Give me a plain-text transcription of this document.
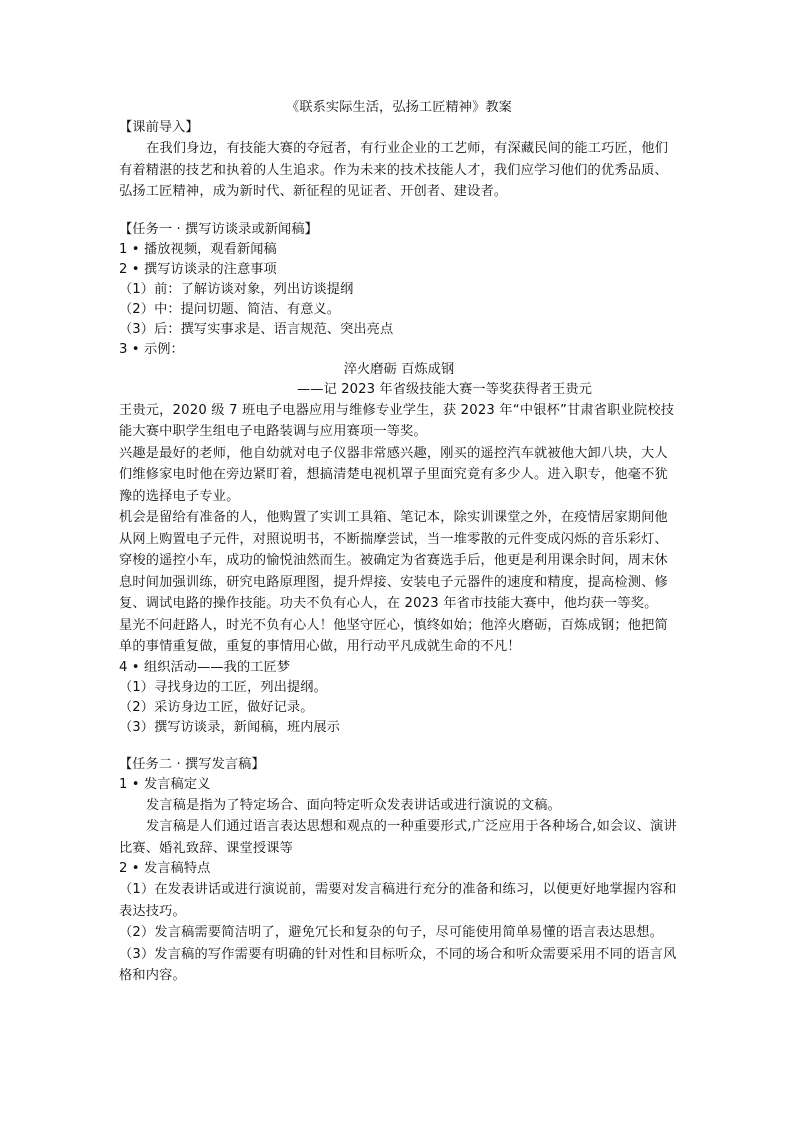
《联系实际生活，弘扬工匠精神》教案
【课前导入】
在我们身边，有技能大赛的夺冠者，有行业企业的工艺师，有深藏民间的能工巧匠，他们有着精湛的技艺和执着的人生追求。作为未来的技术技能人才，我们应学习他们的优秀品质、弘扬工匠精神，成为新时代、新征程的见证者、开创者、建设者。
【任务一 · 撰写访谈录或新闻稿】
1 • 播放视频，观看新闻稿
2 • 撰写访谈录的注意事项
（1）前：了解访谈对象，列出访谈提纲
（2）中：提问切题、简洁、有意义。
（3）后：撰写实事求是、语言规范、突出亮点
3 • 示例：
淬火磨砺 百炼成钢
——记 2023 年省级技能大赛一等奖获得者王贵元
王贵元，2020 级 7 班电子电器应用与维修专业学生，获 2023 年“中银杯”甘肃省职业院校技能大赛中职学生组电子电路装调与应用赛项一等奖。
兴趣是最好的老师，他自幼就对电子仪器非常感兴趣，刚买的遥控汽车就被他大卸八块，大人们维修家电时他在旁边紧盯着，想搞清楚电视机罩子里面究竟有多少人。进入职专，他毫不犹豫的选择电子专业。
机会是留给有准备的人，他购置了实训工具箱、笔记本，除实训课堂之外，在疫情居家期间他从网上购置电子元件，对照说明书，不断揣摩尝试，当一堆零散的元件变成闪烁的音乐彩灯、穿梭的遥控小车，成功的愉悦油然而生。被确定为省赛选手后，他更是利用课余时间，周末休息时间加强训练，研究电路原理图，提升焊接、安装电子元器件的速度和精度，提高检测、修复、调试电路的操作技能。功夫不负有心人，在 2023 年省市技能大赛中，他均获一等奖。
星光不问赶路人，时光不负有心人！他坚守匠心，慎终如始；他淬火磨砺，百炼成钢；他把简单的事情重复做，重复的事情用心做，用行动平凡成就生命的不凡！
4 • 组织活动——我的工匠梦
（1）寻找身边的工匠，列出提纲。
（2）采访身边工匠，做好记录。
（3）撰写访谈录，新闻稿，班内展示
【任务二 · 撰写发言稿】
1 • 发言稿定义
发言稿是指为了特定场合、面向特定听众发表讲话或进行演说的文稿。
发言稿是人们通过语言表达思想和观点的一种重要形式,广泛应用于各种场合,如会议、演讲比赛、婚礼致辞、课堂授课等
2 • 发言稿特点
（1）在发表讲话或进行演说前，需要对发言稿进行充分的准备和练习，以便更好地掌握内容和表达技巧。
（2）发言稿需要简洁明了，避免冗长和复杂的句子，尽可能使用简单易懂的语言表达思想。
（3）发言稿的写作需要有明确的针对性和目标听众，不同的场合和听众需要采用不同的语言风格和内容。
